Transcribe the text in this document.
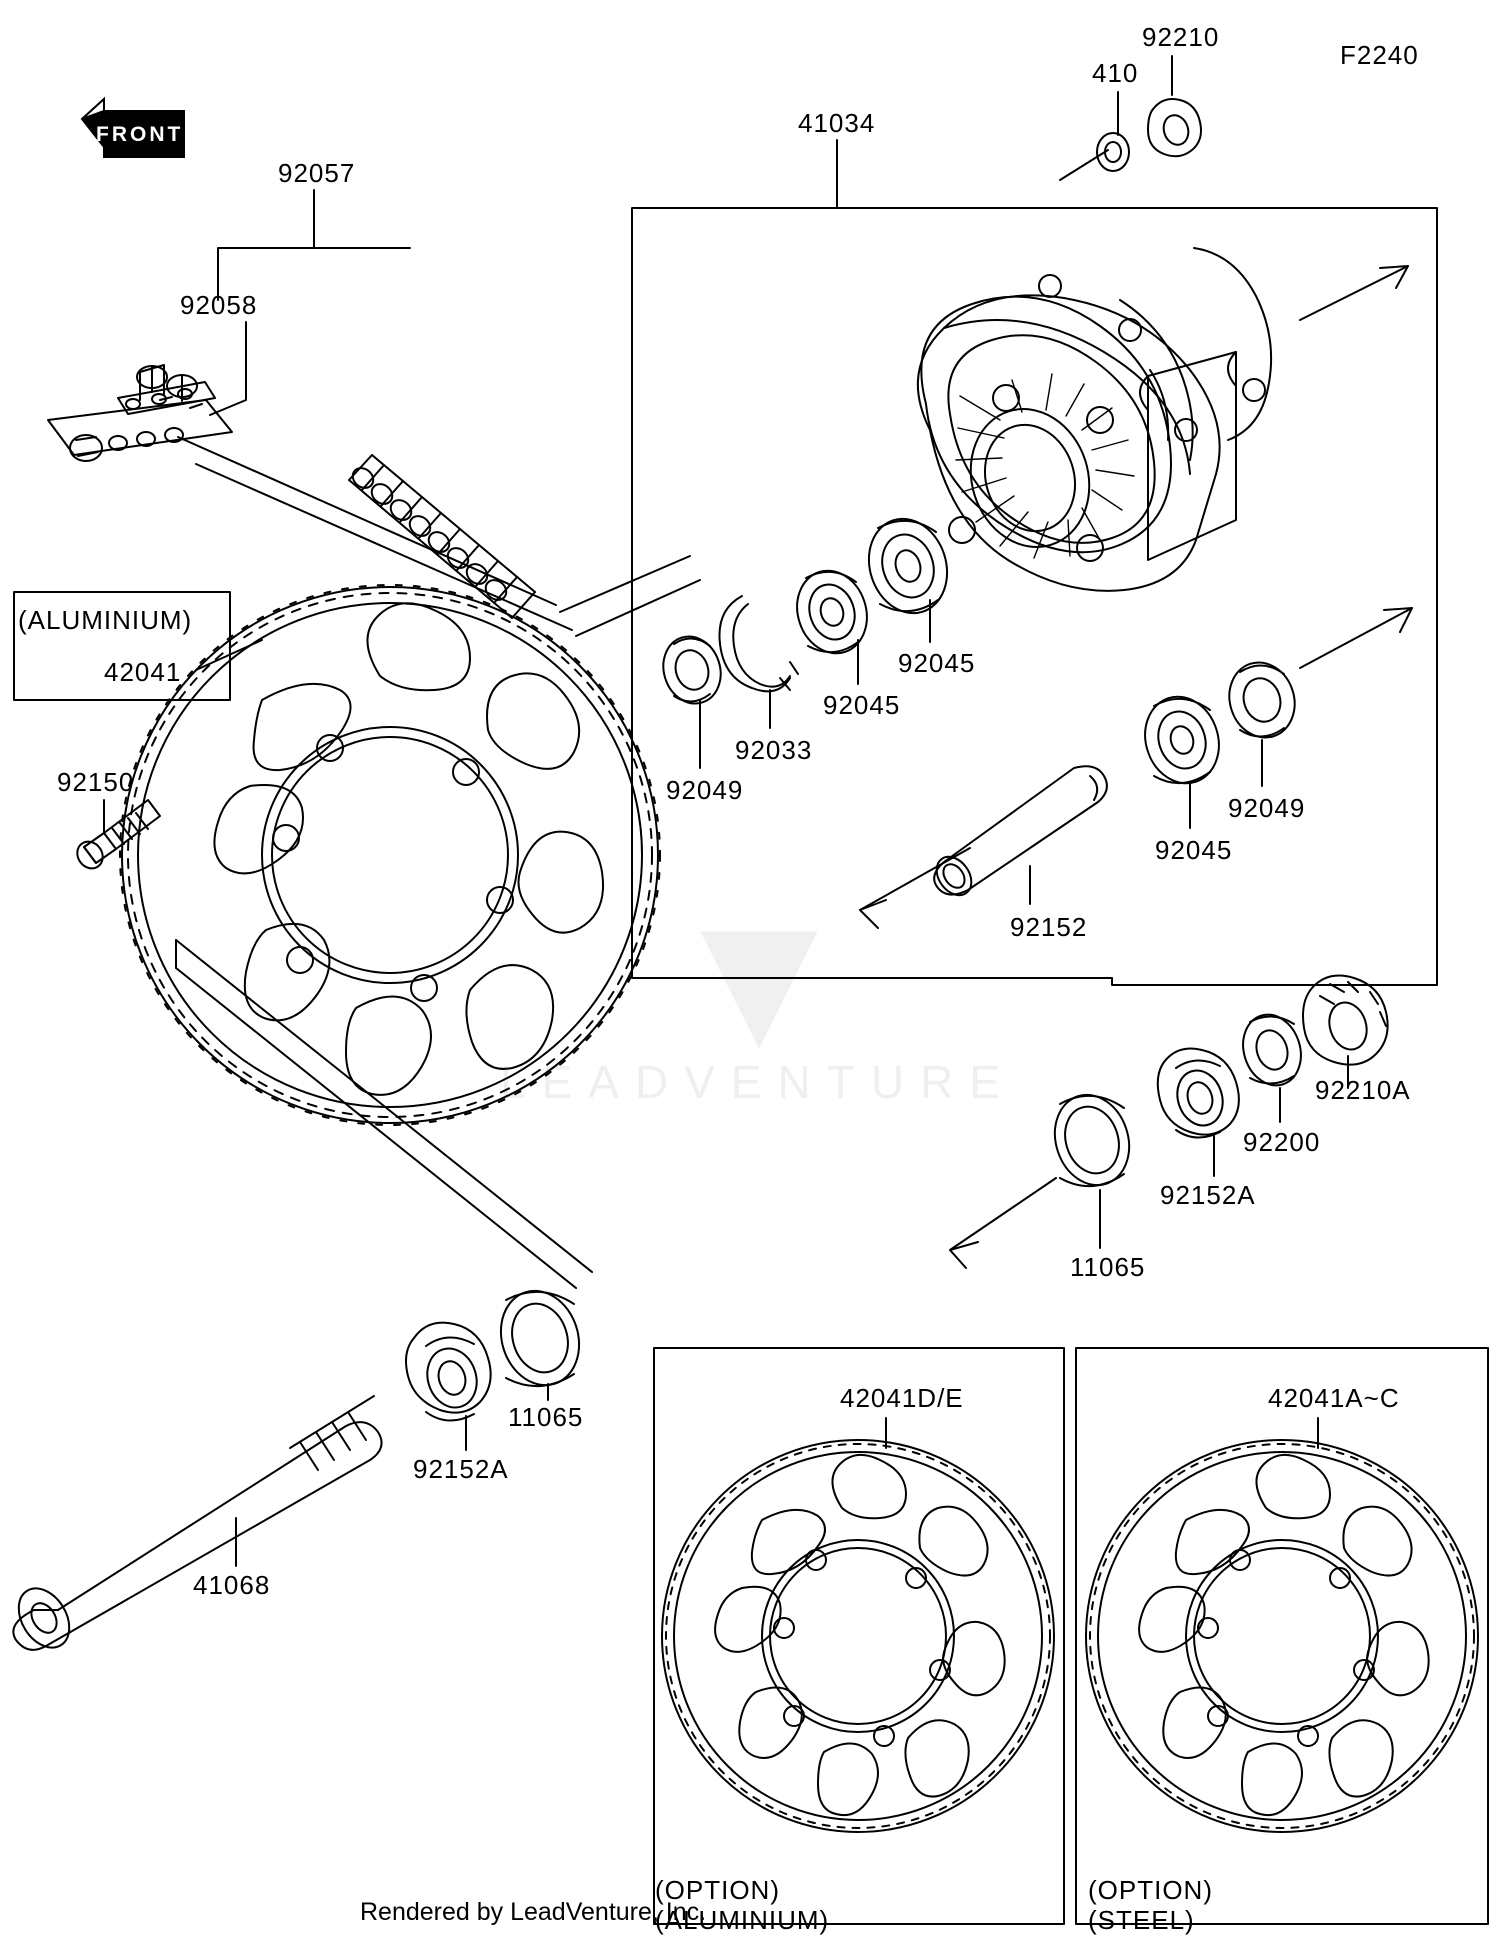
F2240
92210
410
41034
92057
92058
(ALUMINIUM)
42041
92150	92049
92033
92045
92045
92045
92049
92152
92210A
92200
92152A
11065
11065
92152A
41068
42041D/E	42041A~C
(OPTION)
(ALUMINIUM)
(OPTION)
(STEEL)
Rendered by LeadVenture, Inc.
▼
LEADVENTURE
FRONT
